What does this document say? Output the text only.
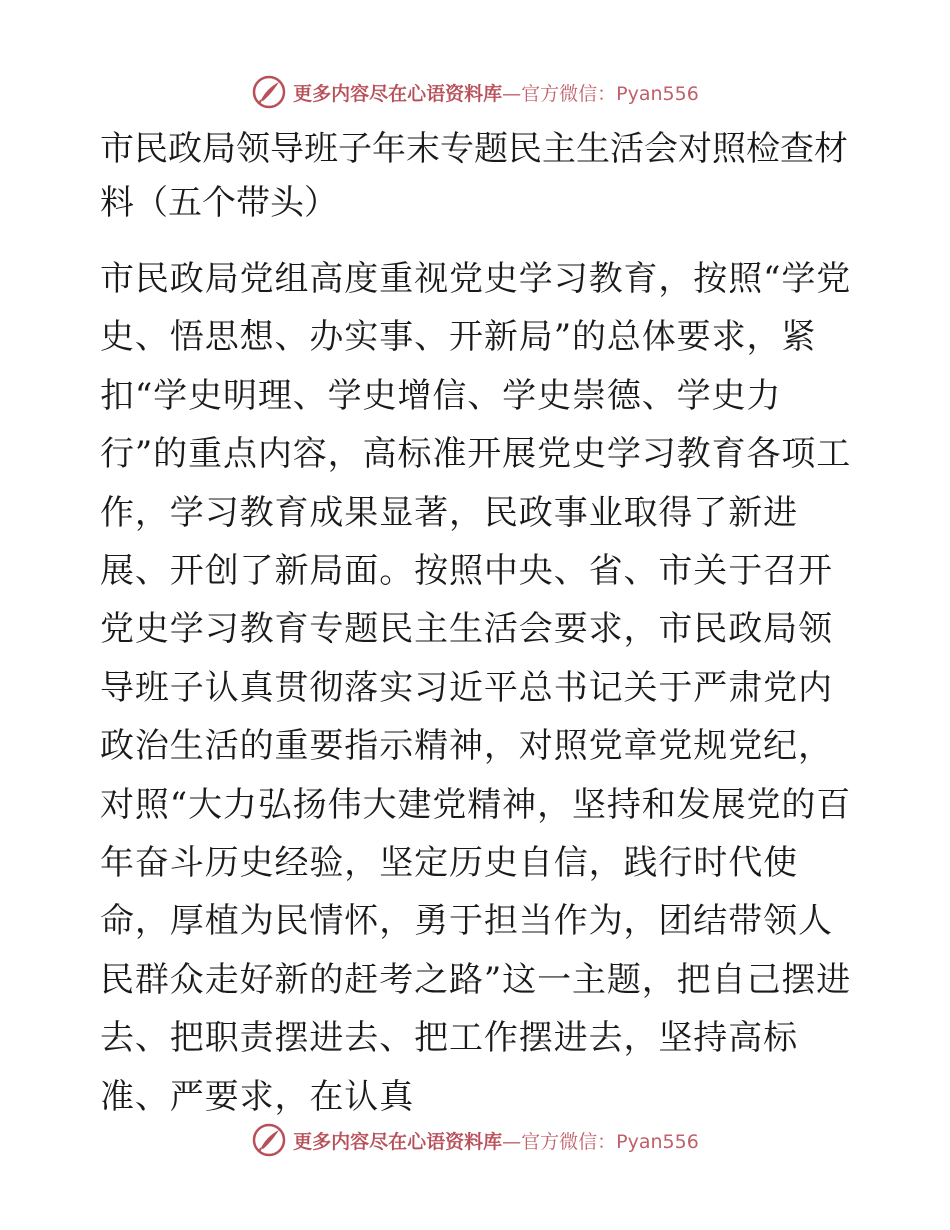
更多内容尽在心语资料库—官方微信：Pyan556
市民政局领导班子年末专题民主生活会对照检查材料（五个带头）

市民政局党组高度重视党史学习教育，按照“学党史、悟思想、办实事、开新局”的总体要求，紧扣“学史明理、学史增信、学史崇德、学史力行”的重点内容，高标准开展党史学习教育各项工作，学习教育成果显著，民政事业取得了新进展、开创了新局面。按照中央、省、市关于召开党史学习教育专题民主生活会要求，市民政局领导班子认真贯彻落实习近平总书记关于严肃党内政治生活的重要指示精神，对照党章党规党纪，对照“大力弘扬伟大建党精神，坚持和发展党的百年奋斗历史经验，坚定历史自信，践行时代使命，厚植为民情怀，勇于担当作为，团结带领人民群众走好新的赶考之路”这一主题，把自己摆进去、把职责摆进去、把工作摆进去，坚持高标准、严要求，在认真

更多内容尽在心语资料库—官方微信：Pyan556
